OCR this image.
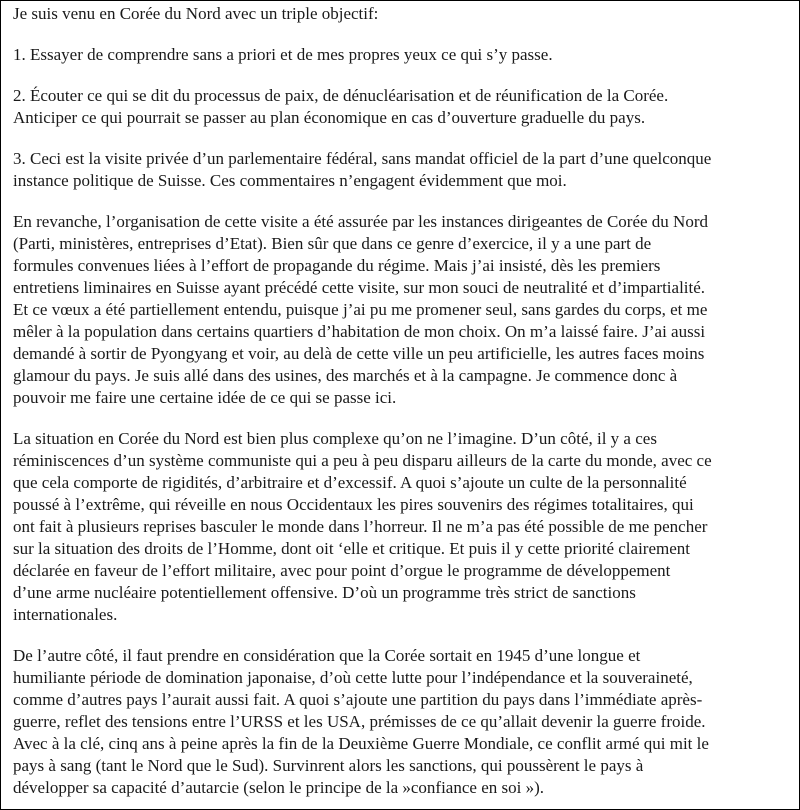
Je suis venu en Corée du Nord avec un triple objectif:

1. Essayer de comprendre sans a priori et de mes propres yeux ce qui s’y passe.

2. Écouter ce qui se dit du processus de paix, de dénucléarisation et de réunification de la Corée.
Anticiper ce qui pourrait se passer au plan économique en cas d’ouverture graduelle du pays.

3. Ceci est la visite privée d’un parlementaire fédéral, sans mandat officiel de la part d’une quelconque
instance politique de Suisse. Ces commentaires n’engagent évidemment que moi.

En revanche, l’organisation de cette visite a été assurée par les instances dirigeantes de Corée du Nord
(Parti, ministères, entreprises d’Etat). Bien sûr que dans ce genre d’exercice, il y a une part de
formules convenues liées à l’effort de propagande du régime. Mais j’ai insisté, dès les premiers
entretiens liminaires en Suisse ayant précédé cette visite, sur mon souci de neutralité et d’impartialité.
Et ce vœux a été partiellement entendu, puisque j’ai pu me promener seul, sans gardes du corps, et me
mêler à la population dans certains quartiers d’habitation de mon choix. On m’a laissé faire. J’ai aussi
demandé à sortir de Pyongyang et voir, au delà de cette ville un peu artificielle, les autres faces moins
glamour du pays. Je suis allé dans des usines, des marchés et à la campagne. Je commence donc à
pouvoir me faire une certaine idée de ce qui se passe ici.

La situation en Corée du Nord est bien plus complexe qu’on ne l’imagine. D’un côté, il y a ces
réminiscences d’un système communiste qui a peu à peu disparu ailleurs de la carte du monde, avec ce
que cela comporte de rigidités, d’arbitraire et d’excessif. A quoi s’ajoute un culte de la personnalité
poussé à l’extrême, qui réveille en nous Occidentaux les pires souvenirs des régimes totalitaires, qui
ont fait à plusieurs reprises basculer le monde dans l’horreur. Il ne m’a pas été possible de me pencher
sur la situation des droits de l’Homme, dont oit ‘elle et critique. Et puis il y cette priorité clairement
déclarée en faveur de l’effort militaire, avec pour point d’orgue le programme de développement
d’une arme nucléaire potentiellement offensive. D’où un programme très strict de sanctions
internationales.

De l’autre côté, il faut prendre en considération que la Corée sortait en 1945 d’une longue et
humiliante période de domination japonaise, d’où cette lutte pour l’indépendance et la souveraineté,
comme d’autres pays l’aurait aussi fait. A quoi s’ajoute une partition du pays dans l’immédiate après-
guerre, reflet des tensions entre l’URSS et les USA, prémisses de ce qu’allait devenir la guerre froide.
Avec à la clé, cinq ans à peine après la fin de la Deuxième Guerre Mondiale, ce conflit armé qui mit le
pays à sang (tant le Nord que le Sud). Survinrent alors les sanctions, qui poussèrent le pays à
développer sa capacité d’autarcie (selon le principe de la »confiance en soi »).
